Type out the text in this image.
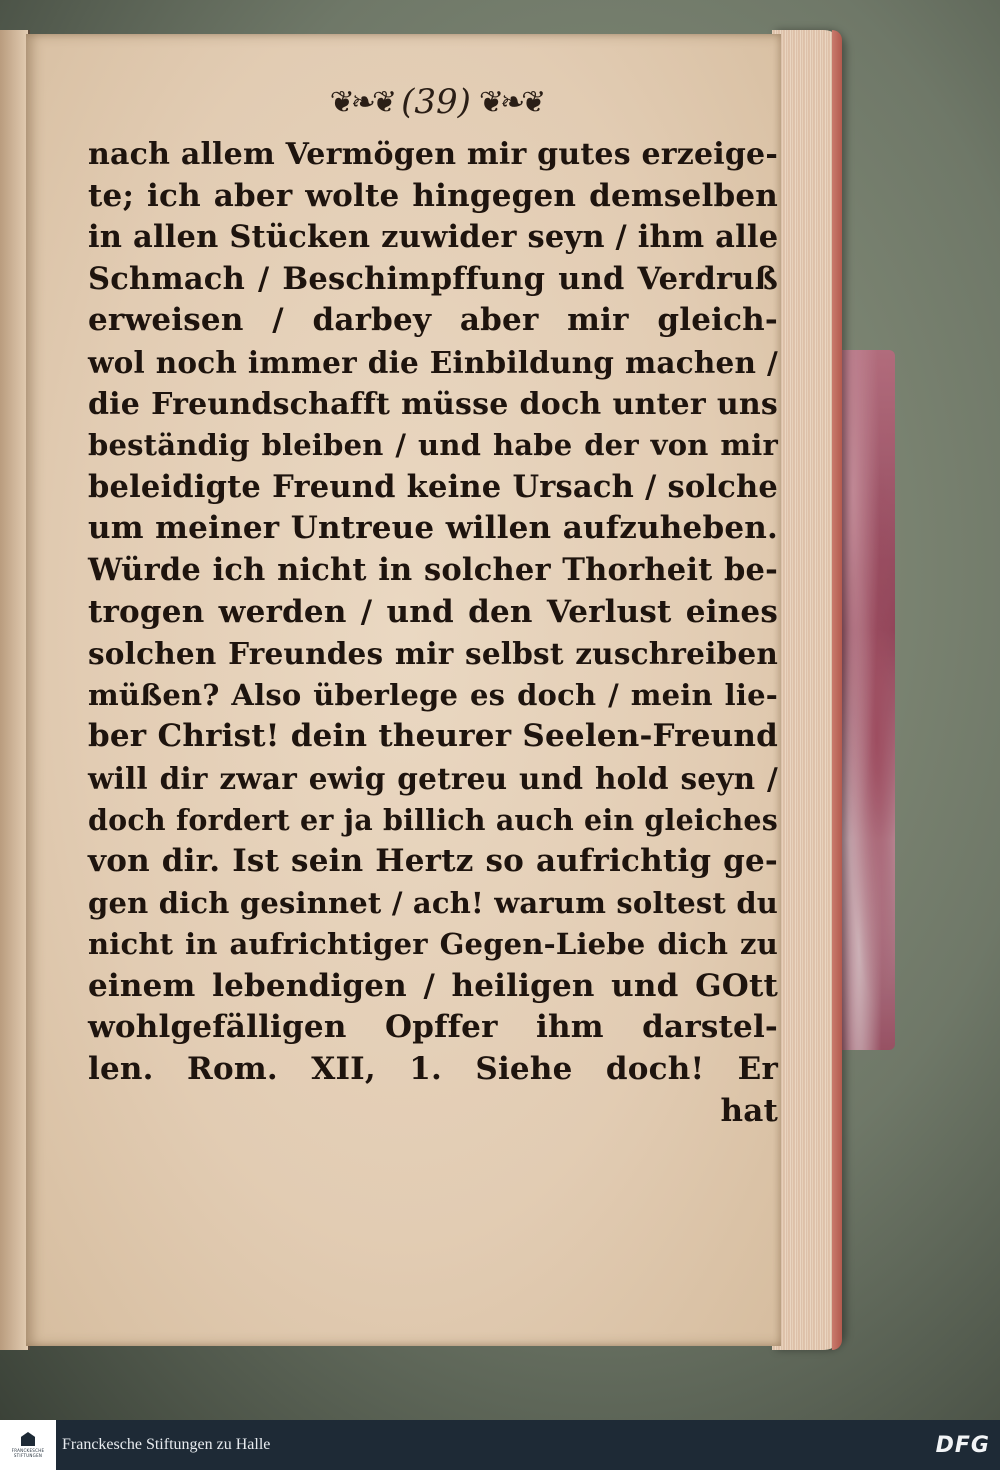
❦❧❦ (39) ❦❧❦
nach allem Vermögen mir gutes erzeige-
te; ich aber wolte hingegen demselben
in allen Stücken zuwider seyn / ihm alle
Schmach / Beschimpffung und Verdruß
erweisen / darbey aber mir gleich-
wol noch immer die Einbildung machen /
die Freundschafft müsse doch unter uns
beständig bleiben / und habe der von mir
beleidigte Freund keine Ursach / solche
um meiner Untreue willen aufzuheben.
Würde ich nicht in solcher Thorheit be-
trogen werden / und den Verlust eines
solchen Freundes mir selbst zuschreiben
müßen? Also überlege es doch / mein lie-
ber Christ! dein theurer Seelen-Freund
will dir zwar ewig getreu und hold seyn /
doch fordert er ja billich auch ein gleiches
von dir. Ist sein Hertz so aufrichtig ge-
gen dich gesinnet / ach! warum soltest du
nicht in aufrichtiger Gegen-Liebe dich zu
einem lebendigen / heiligen und GOtt
wohlgefälligen Opffer ihm darstel-
len. Rom. XII, 1. Siehe doch! Er
hat
FRANCKESCHE STIFTUNGEN
Franckesche Stiftungen zu Halle	DFG
